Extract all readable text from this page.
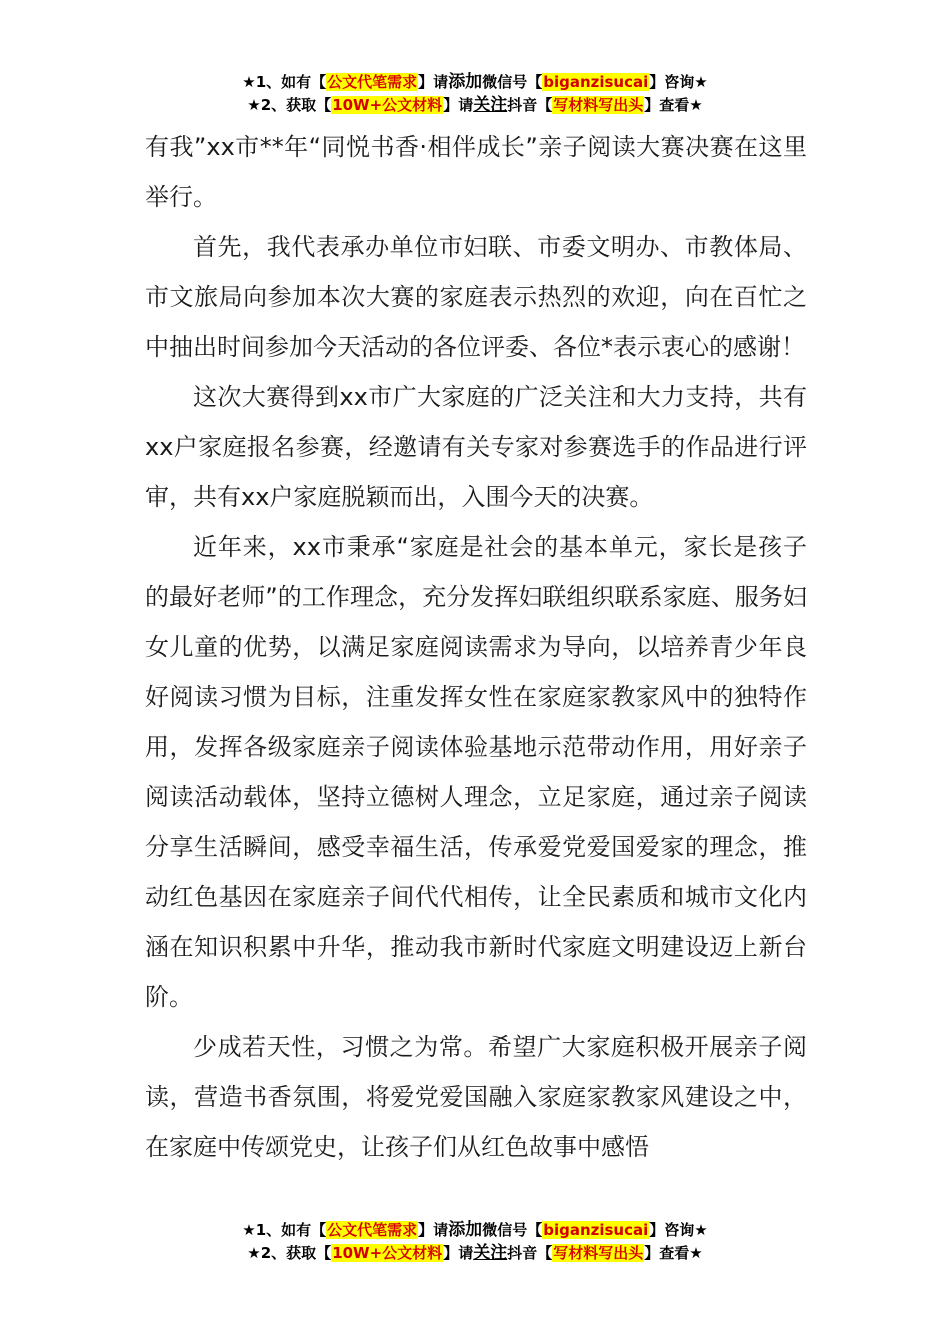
★1、如有【公文代笔需求】请添加微信号【biganzisucai】咨询★
★2、获取【10W+公文材料】请关注抖音【写材料写出头】查看★

有我”xx市**年“同悦书香·相伴成长”亲子阅读大赛决赛在这里举行。

首先，我代表承办单位市妇联、市委文明办、市教体局、市文旅局向参加本次大赛的家庭表示热烈的欢迎，向在百忙之中抽出时间参加今天活动的各位评委、各位*表示衷心的感谢！

这次大赛得到xx市广大家庭的广泛关注和大力支持，共有xx户家庭报名参赛，经邀请有关专家对参赛选手的作品进行评审，共有xx户家庭脱颖而出，入围今天的决赛。

近年来，xx市秉承“家庭是社会的基本单元，家长是孩子的最好老师”的工作理念，充分发挥妇联组织联系家庭、服务妇女儿童的优势，以满足家庭阅读需求为导向，以培养青少年良好阅读习惯为目标，注重发挥女性在家庭家教家风中的独特作用，发挥各级家庭亲子阅读体验基地示范带动作用，用好亲子阅读活动载体，坚持立德树人理念，立足家庭，通过亲子阅读分享生活瞬间，感受幸福生活，传承爱党爱国爱家的理念，推动红色基因在家庭亲子间代代相传，让全民素质和城市文化内涵在知识积累中升华，推动我市新时代家庭文明建设迈上新台阶。

少成若天性，习惯之为常。希望广大家庭积极开展亲子阅读，营造书香氛围，将爱党爱国融入家庭家教家风建设之中，在家庭中传颂党史，让孩子们从红色故事中感悟

★1、如有【公文代笔需求】请添加微信号【biganzisucai】咨询★
★2、获取【10W+公文材料】请关注抖音【写材料写出头】查看★
